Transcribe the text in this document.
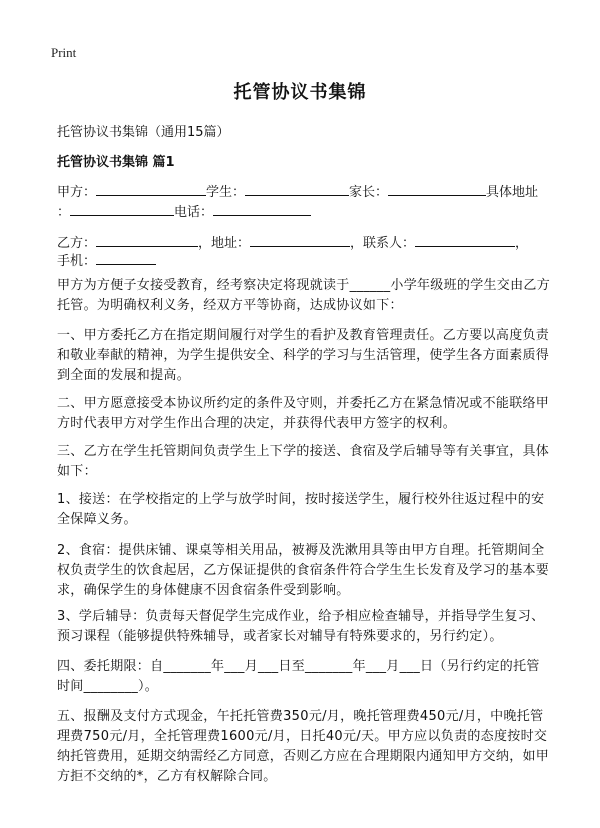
Print
托管协议书集锦
托管协议书集锦（通用15篇）
托管协议书集锦 篇1
甲方：	学生：	家长：	具体地址
：	电话：
乙方：	，地址：	，联系人：	，
手机：

甲方为方便子女接受教育，经考察决定将现就读于______小学年级班的学生交由乙方托管。为明确权利义务，经双方平等协商，达成协议如下：

一、甲方委托乙方在指定期间履行对学生的看护及教育管理责任。乙方要以高度负责和敬业奉献的精神，为学生提供安全、科学的学习与生活管理，使学生各方面素质得到全面的发展和提高。

二、甲方愿意接受本协议所约定的条件及守则，并委托乙方在紧急情况或不能联络甲方时代表甲方对学生作出合理的决定，并获得代表甲方签字的权利。

三、乙方在学生托管期间负责学生上下学的接送、食宿及学后辅导等有关事宜，具体如下：

1、接送：在学校指定的上学与放学时间，按时接送学生，履行校外往返过程中的安全保障义务。

2、食宿：提供床铺、课桌等相关用品，被褥及洗漱用具等由甲方自理。托管期间全权负责学生的饮食起居，乙方保证提供的食宿条件符合学生生长发育及学习的基本要求，确保学生的身体健康不因食宿条件受到影响。

3、学后辅导：负责每天督促学生完成作业，给予相应检查辅导，并指导学生复习、预习课程（能够提供特殊辅导，或者家长对辅导有特殊要求的，另行约定）。

四、委托期限：自_______年___月___日至_______年___月___日（另行约定的托管时间________）。

五、报酬及支付方式现金，午托托管费350元/月，晚托管理费450元/月，中晚托管理费750元/月，全托管理费1600元/月，日托40元/天。甲方应以负责的态度按时交纳托管费用，延期交纳需经乙方同意，否则乙方应在合理期限内通知甲方交纳，如甲方拒不交纳的*，乙方有权解除合同。
